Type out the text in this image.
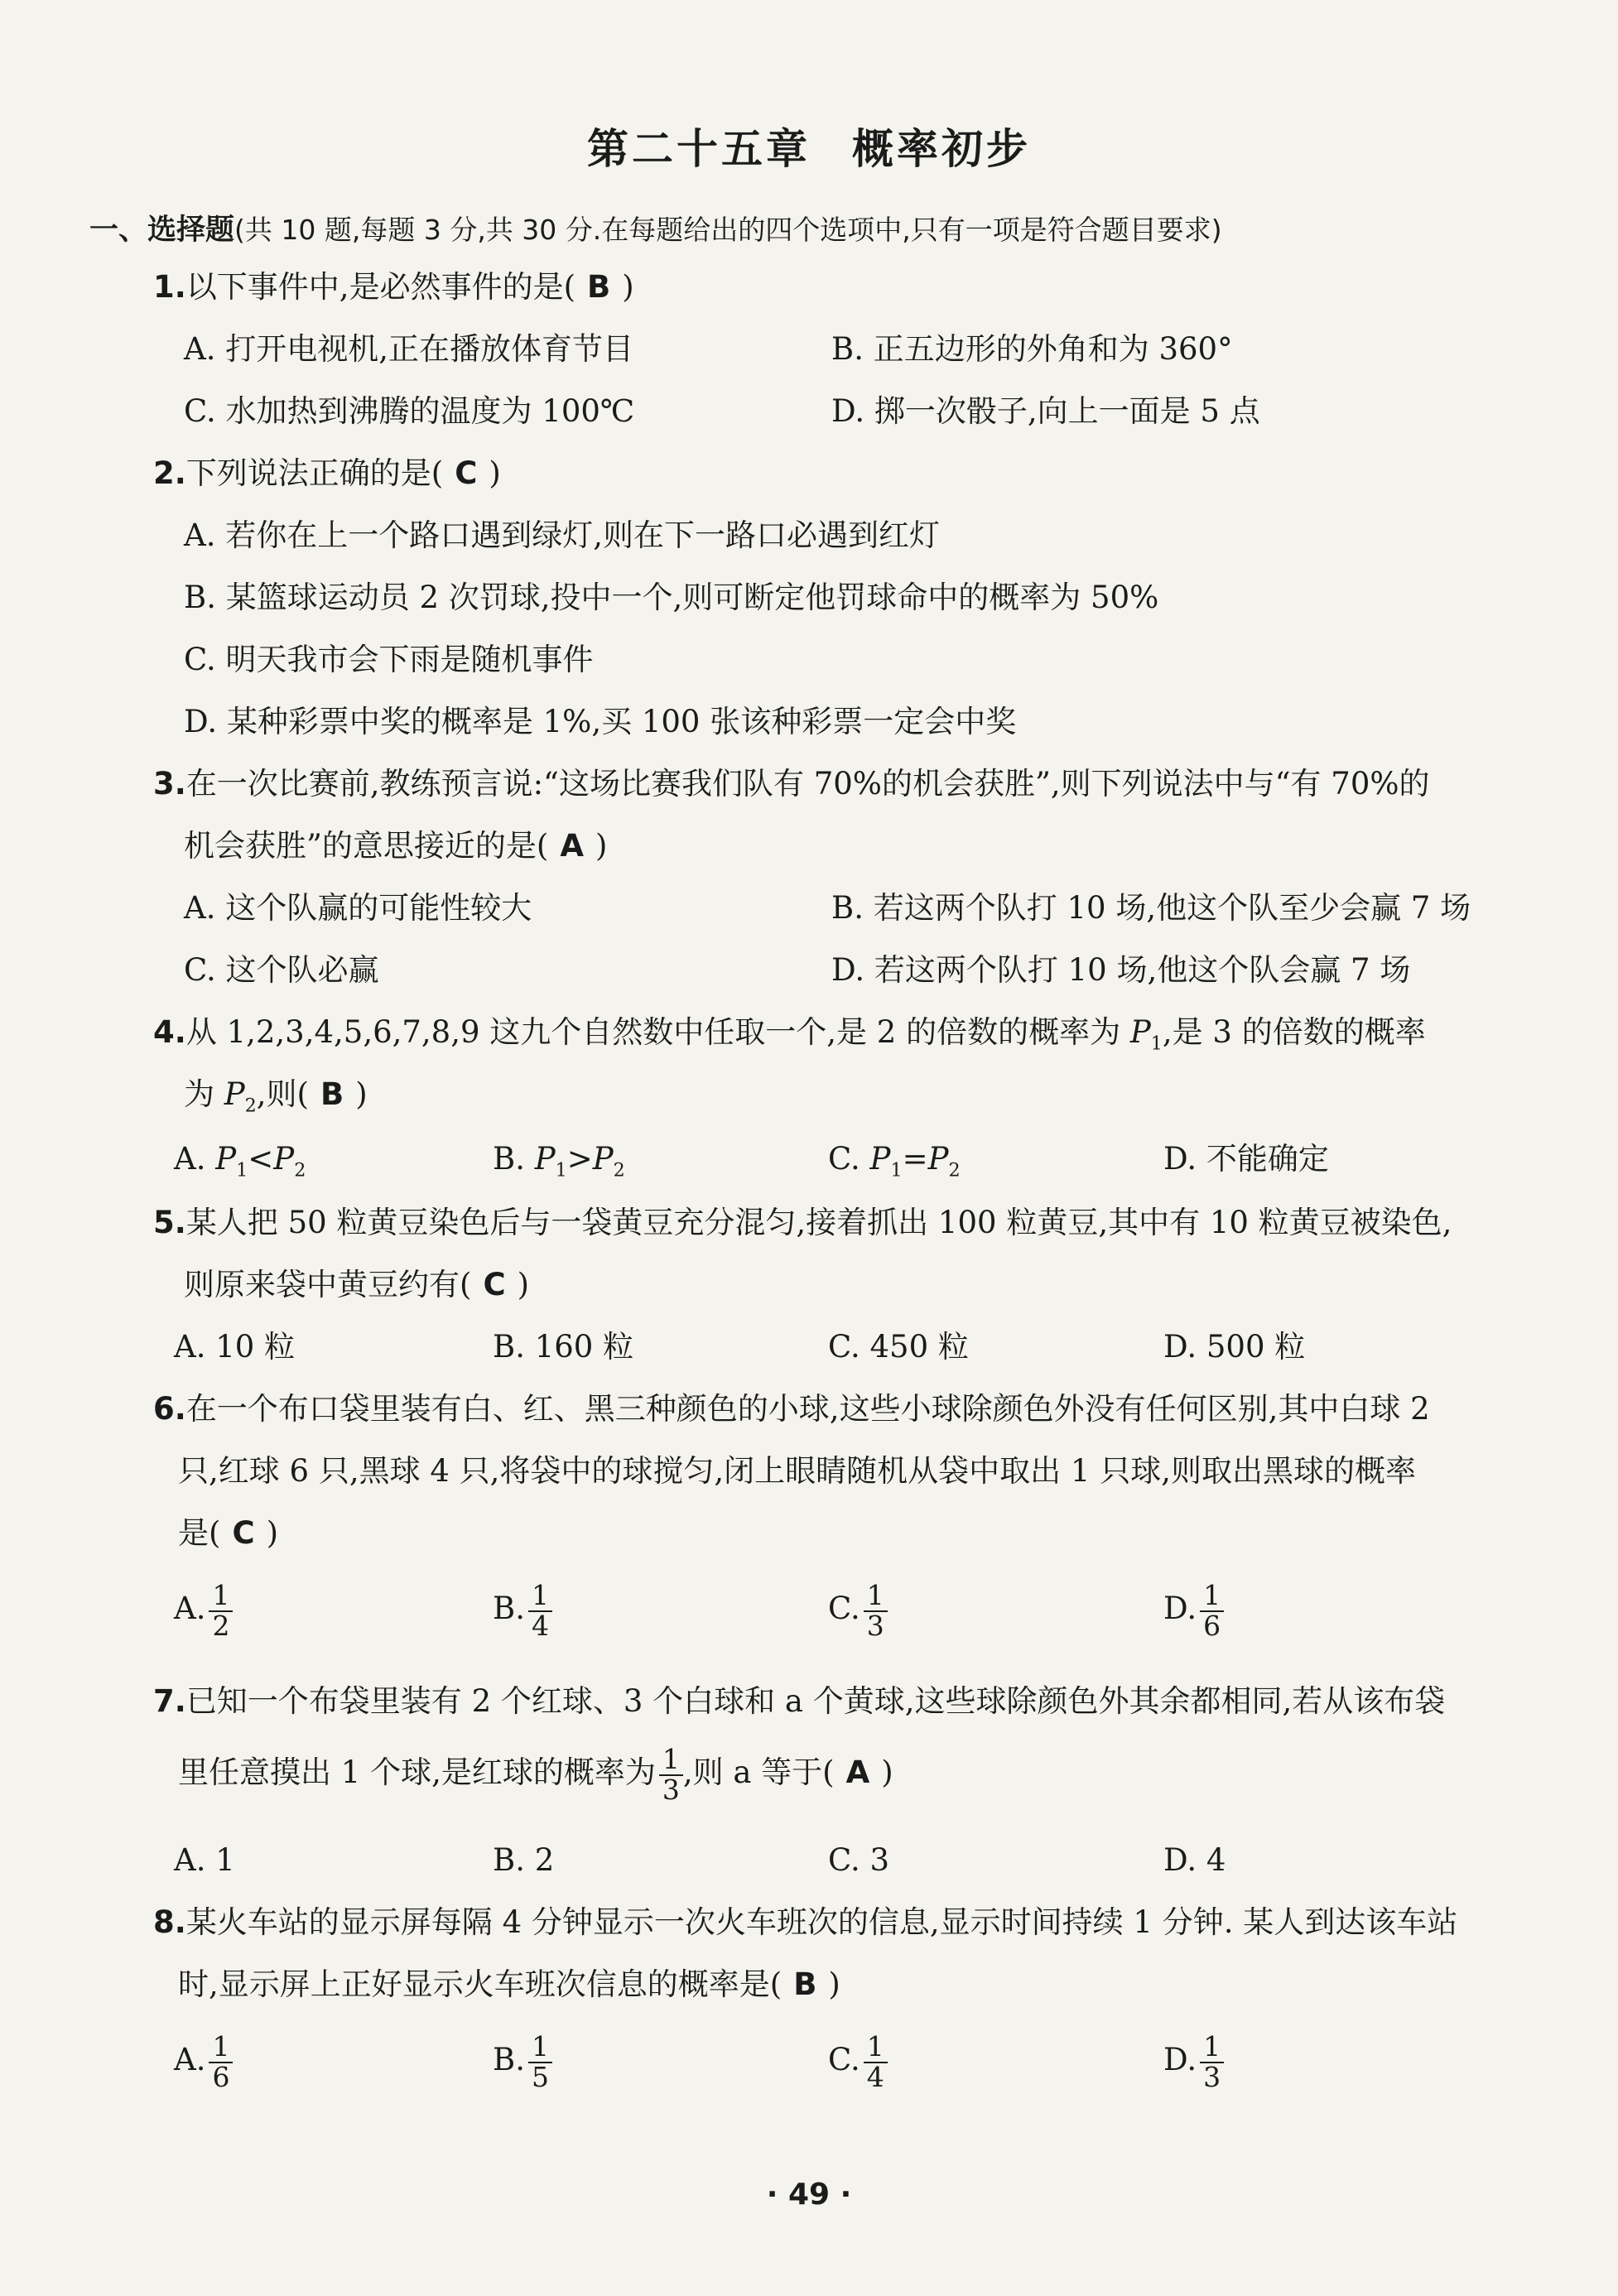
第二十五章 概率初步
一、选择题(共 10 题,每题 3 分,共 30 分.在每题给出的四个选项中,只有一项是符合题目要求)
1.以下事件中,是必然事件的是( B )
A. 打开电视机,正在播放体育节目	B. 正五边形的外角和为 360°
C. 水加热到沸腾的温度为 100℃	D. 掷一次骰子,向上一面是 5 点
2.下列说法正确的是( C )
A. 若你在上一个路口遇到绿灯,则在下一路口必遇到红灯
B. 某篮球运动员 2 次罚球,投中一个,则可断定他罚球命中的概率为 50%
C. 明天我市会下雨是随机事件
D. 某种彩票中奖的概率是 1%,买 100 张该种彩票一定会中奖
3.在一次比赛前,教练预言说:“这场比赛我们队有 70%的机会获胜”,则下列说法中与“有 70%的
机会获胜”的意思接近的是( A )
A. 这个队赢的可能性较大	B. 若这两个队打 10 场,他这个队至少会赢 7 场
C. 这个队必赢	D. 若这两个队打 10 场,他这个队会赢 7 场
4.从 1,2,3,4,5,6,7,8,9 这九个自然数中任取一个,是 2 的倍数的概率为 $P_1$,是 3 的倍数的概率
为 $P_2$,则( B )
A. $P_1<P_2$	B. $P_1>P_2$	C. $P_1=P_2$	D. 不能确定
5.某人把 50 粒黄豆染色后与一袋黄豆充分混匀,接着抓出 100 粒黄豆,其中有 10 粒黄豆被染色,
则原来袋中黄豆约有( C )
A. 10 粒	B. 160 粒	C. 450 粒	D. 500 粒
6.在一个布口袋里装有白、红、黑三种颜色的小球,这些小球除颜色外没有任何区别,其中白球 2
只,红球 6 只,黑球 4 只,将袋中的球搅匀,闭上眼睛随机从袋中取出 1 只球,则取出黑球的概率
是( C )
A. $\frac{1}{2}$	B. $\frac{1}{4}$	C. $\frac{1}{3}$	D. $\frac{1}{6}$
7.已知一个布袋里装有 2 个红球、3 个白球和 a 个黄球,这些球除颜色外其余都相同,若从该布袋
里任意摸出 1 个球,是红球的概率为 $\frac{1}{3}$ ,则 a 等于( A )
A. 1	B. 2	C. 3	D. 4
8.某火车站的显示屏每隔 4 分钟显示一次火车班次的信息,显示时间持续 1 分钟. 某人到达该车站
时,显示屏上正好显示火车班次信息的概率是( B )
A. $\frac{1}{6}$	B. $\frac{1}{5}$	C. $\frac{1}{4}$	D. $\frac{1}{3}$
· 49 ·
